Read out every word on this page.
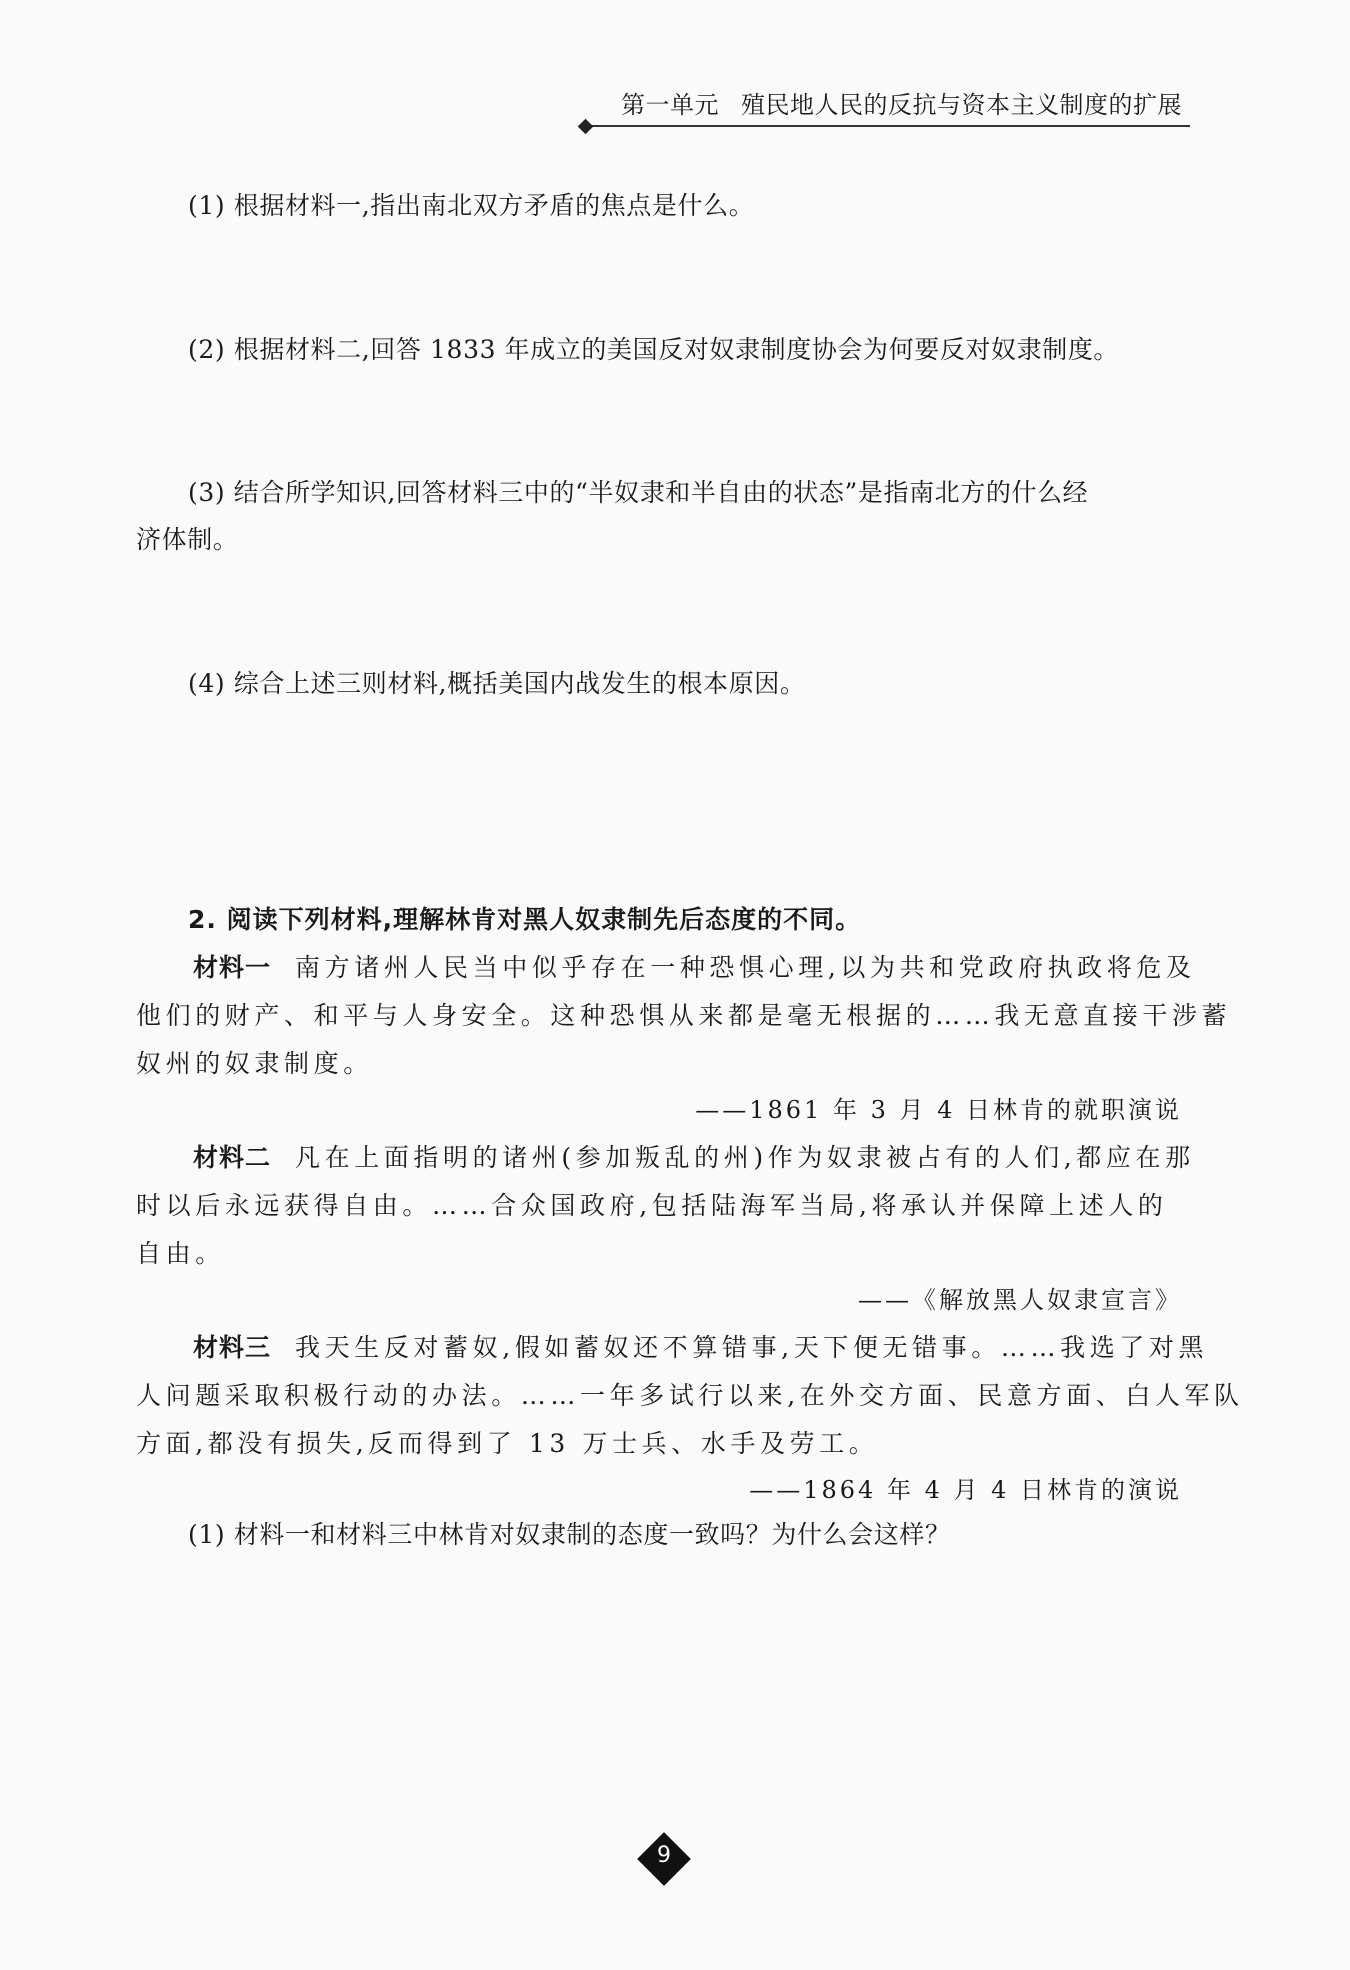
第一单元 殖民地人民的反抗与资本主义制度的扩展
(1) 根据材料一,指出南北双方矛盾的焦点是什么。
(2) 根据材料二,回答 1833 年成立的美国反对奴隶制度协会为何要反对奴隶制度。
(3) 结合所学知识,回答材料三中的“半奴隶和半自由的状态”是指南北方的什么经
济体制。
(4) 综合上述三则材料,概括美国内战发生的根本原因。
2. 阅读下列材料,理解林肯对黑人奴隶制先后态度的不同。
材料一 南方诸州人民当中似乎存在一种恐惧心理,以为共和党政府执政将危及
他们的财产、和平与人身安全。这种恐惧从来都是毫无根据的……我无意直接干涉蓄
奴州的奴隶制度。
——1861 年 3 月 4 日林肯的就职演说
材料二 凡在上面指明的诸州(参加叛乱的州)作为奴隶被占有的人们,都应在那
时以后永远获得自由。……合众国政府,包括陆海军当局,将承认并保障上述人的
自由。
——《解放黑人奴隶宣言》
材料三 我天生反对蓄奴,假如蓄奴还不算错事,天下便无错事。……我选了对黑
人问题采取积极行动的办法。……一年多试行以来,在外交方面、民意方面、白人军队
方面,都没有损失,反而得到了 13 万士兵、水手及劳工。
——1864 年 4 月 4 日林肯的演说
(1) 材料一和材料三中林肯对奴隶制的态度一致吗？为什么会这样？
9
